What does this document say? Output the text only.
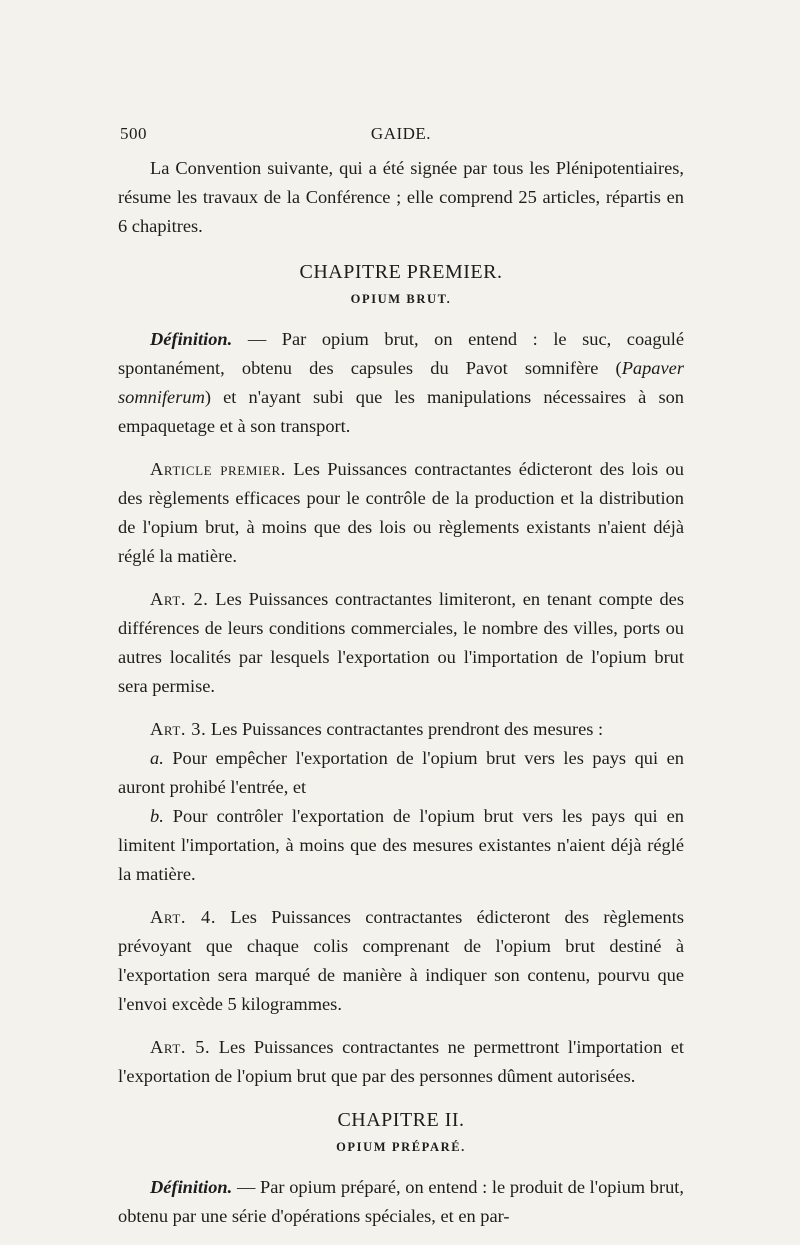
500	GAIDE.

La Convention suivante, qui a été signée par tous les Plénipotentiaires, résume les travaux de la Conférence ; elle comprend 25 articles, répartis en 6 chapitres.

CHAPITRE PREMIER.
OPIUM BRUT.

Définition. — Par opium brut, on entend : le suc, coagulé spontanément, obtenu des capsules du Pavot somnifère (Papaver somniferum) et n'ayant subi que les manipulations nécessaires à son empaquetage et à son transport.

Article premier. Les Puissances contractantes édicteront des lois ou des règlements efficaces pour le contrôle de la production et la distribution de l'opium brut, à moins que des lois ou règlements existants n'aient déjà réglé la matière.

Art. 2. Les Puissances contractantes limiteront, en tenant compte des différences de leurs conditions commerciales, le nombre des villes, ports ou autres localités par lesquels l'exportation ou l'importation de l'opium brut sera permise.

Art. 3. Les Puissances contractantes prendront des mesures :

a. Pour empêcher l'exportation de l'opium brut vers les pays qui en auront prohibé l'entrée, et

b. Pour contrôler l'exportation de l'opium brut vers les pays qui en limitent l'importation, à moins que des mesures existantes n'aient déjà réglé la matière.

Art. 4. Les Puissances contractantes édicteront des règlements prévoyant que chaque colis comprenant de l'opium brut destiné à l'exportation sera marqué de manière à indiquer son contenu, pourvu que l'envoi excède 5 kilogrammes.

Art. 5. Les Puissances contractantes ne permettront l'importation et l'exportation de l'opium brut que par des personnes dûment autorisées.

CHAPITRE II.
OPIUM PRÉPARÉ.

Définition. — Par opium préparé, on entend : le produit de l'opium brut, obtenu par une série d'opérations spéciales, et en par-
